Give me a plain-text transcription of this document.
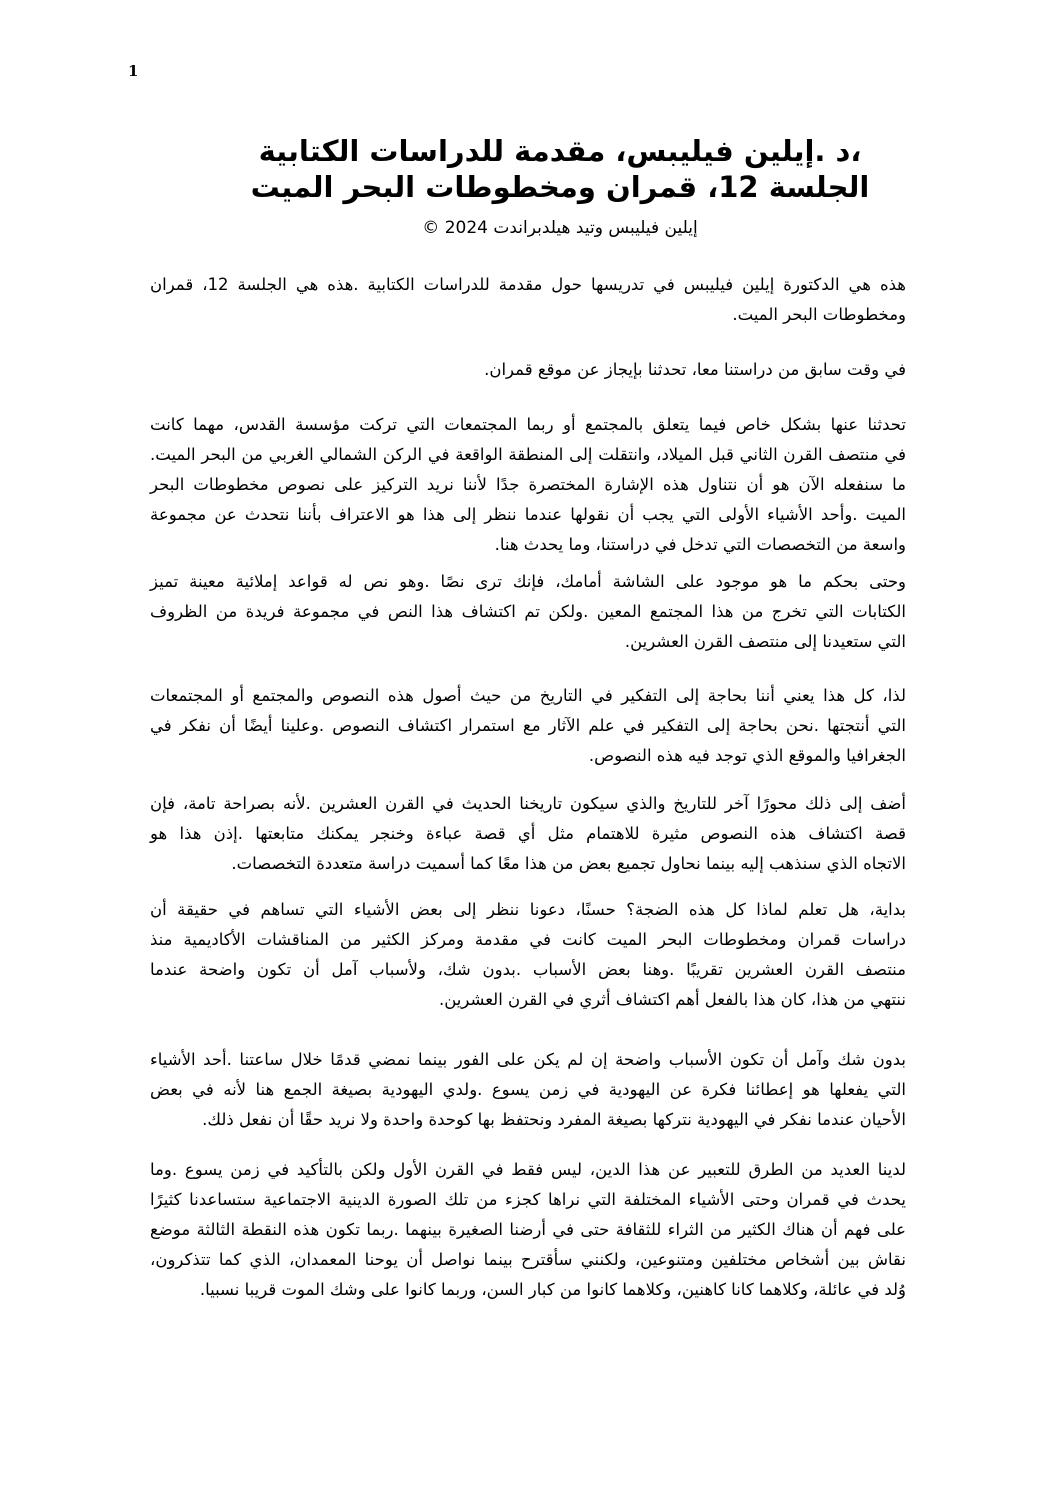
1
،د .إيلين فيليبس، مقدمة للدراسات الكتابية
الجلسة 12، قمران ومخطوطات البحر الميت
إيلين فيليبس وتيد هيلدبراندت 2024 ©
هذه هي الدكتورة إيلين فيليبس في تدريسها حول مقدمة للدراسات الكتابية .هذه هي الجلسة 12، قمران
ومخطوطات البحر الميت.
في وقت سابق من دراستنا معا، تحدثنا بإيجاز عن موقع قمران.
تحدثنا عنها بشكل خاص فيما يتعلق بالمجتمع أو ربما المجتمعات التي تركت مؤسسة القدس، مهما كانت
في منتصف القرن الثاني قبل الميلاد، وانتقلت إلى المنطقة الواقعة في الركن الشمالي الغربي من البحر الميت.
ما سنفعله الآن هو أن نتناول هذه الإشارة المختصرة جدًا لأننا نريد التركيز على نصوص مخطوطات البحر
الميت .وأحد الأشياء الأولى التي يجب أن نقولها عندما ننظر إلى هذا هو الاعتراف بأننا نتحدث عن مجموعة
واسعة من التخصصات التي تدخل في دراستنا، وما يحدث هنا.
وحتى بحكم ما هو موجود على الشاشة أمامك، فإنك ترى نصًا .وهو نص له قواعد إملائية معينة تميز
الكتابات التي تخرج من هذا المجتمع المعين .ولكن تم اكتشاف هذا النص في مجموعة فريدة من الظروف
التي ستعيدنا إلى منتصف القرن العشرين.
لذا، كل هذا يعني أننا بحاجة إلى التفكير في التاريخ من حيث أصول هذه النصوص والمجتمع أو المجتمعات
التي أنتجتها .نحن بحاجة إلى التفكير في علم الآثار مع استمرار اكتشاف النصوص .وعلينا أيضًا أن نفكر في
الجغرافيا والموقع الذي توجد فيه هذه النصوص.
أضف إلى ذلك محورًا آخر للتاريخ والذي سيكون تاريخنا الحديث في القرن العشرين .لأنه بصراحة تامة، فإن
قصة اكتشاف هذه النصوص مثيرة للاهتمام مثل أي قصة عباءة وخنجر يمكنك متابعتها .إذن هذا هو
الاتجاه الذي سنذهب إليه بينما نحاول تجميع بعض من هذا معًا كما أسميت دراسة متعددة التخصصات.
بداية، هل تعلم لماذا كل هذه الضجة؟ حسنًا، دعونا ننظر إلى بعض الأشياء التي تساهم في حقيقة أن
دراسات قمران ومخطوطات البحر الميت كانت في مقدمة ومركز الكثير من المناقشات الأكاديمية منذ
منتصف القرن العشرين تقريبًا .وهنا بعض الأسباب .بدون شك، ولأسباب آمل أن تكون واضحة عندما
ننتهي من هذا، كان هذا بالفعل أهم اكتشاف أثري في القرن العشرين.
بدون شك وآمل أن تكون الأسباب واضحة إن لم يكن على الفور بينما نمضي قدمًا خلال ساعتنا .أحد الأشياء
التي يفعلها هو إعطائنا فكرة عن اليهودية في زمن يسوع .ولدي اليهودية بصيغة الجمع هنا لأنه في بعض
الأحيان عندما نفكر في اليهودية نتركها بصيغة المفرد ونحتفظ بها كوحدة واحدة ولا نريد حقًا أن نفعل ذلك.
لدينا العديد من الطرق للتعبير عن هذا الدين، ليس فقط في القرن الأول ولكن بالتأكيد في زمن يسوع .وما
يحدث في قمران وحتى الأشياء المختلفة التي نراها كجزء من تلك الصورة الدينية الاجتماعية ستساعدنا كثيرًا
على فهم أن هناك الكثير من الثراء للثقافة حتى في أرضنا الصغيرة بينهما .ربما تكون هذه النقطة الثالثة موضع
نقاش بين أشخاص مختلفين ومتنوعين، ولكنني سأقترح بينما نواصل أن يوحنا المعمدان، الذي كما تتذكرون،
وُلد في عائلة، وكلاهما كانا كاهنين، وكلاهما كانوا من كبار السن، وربما كانوا على وشك الموت قريبا نسبيا.
